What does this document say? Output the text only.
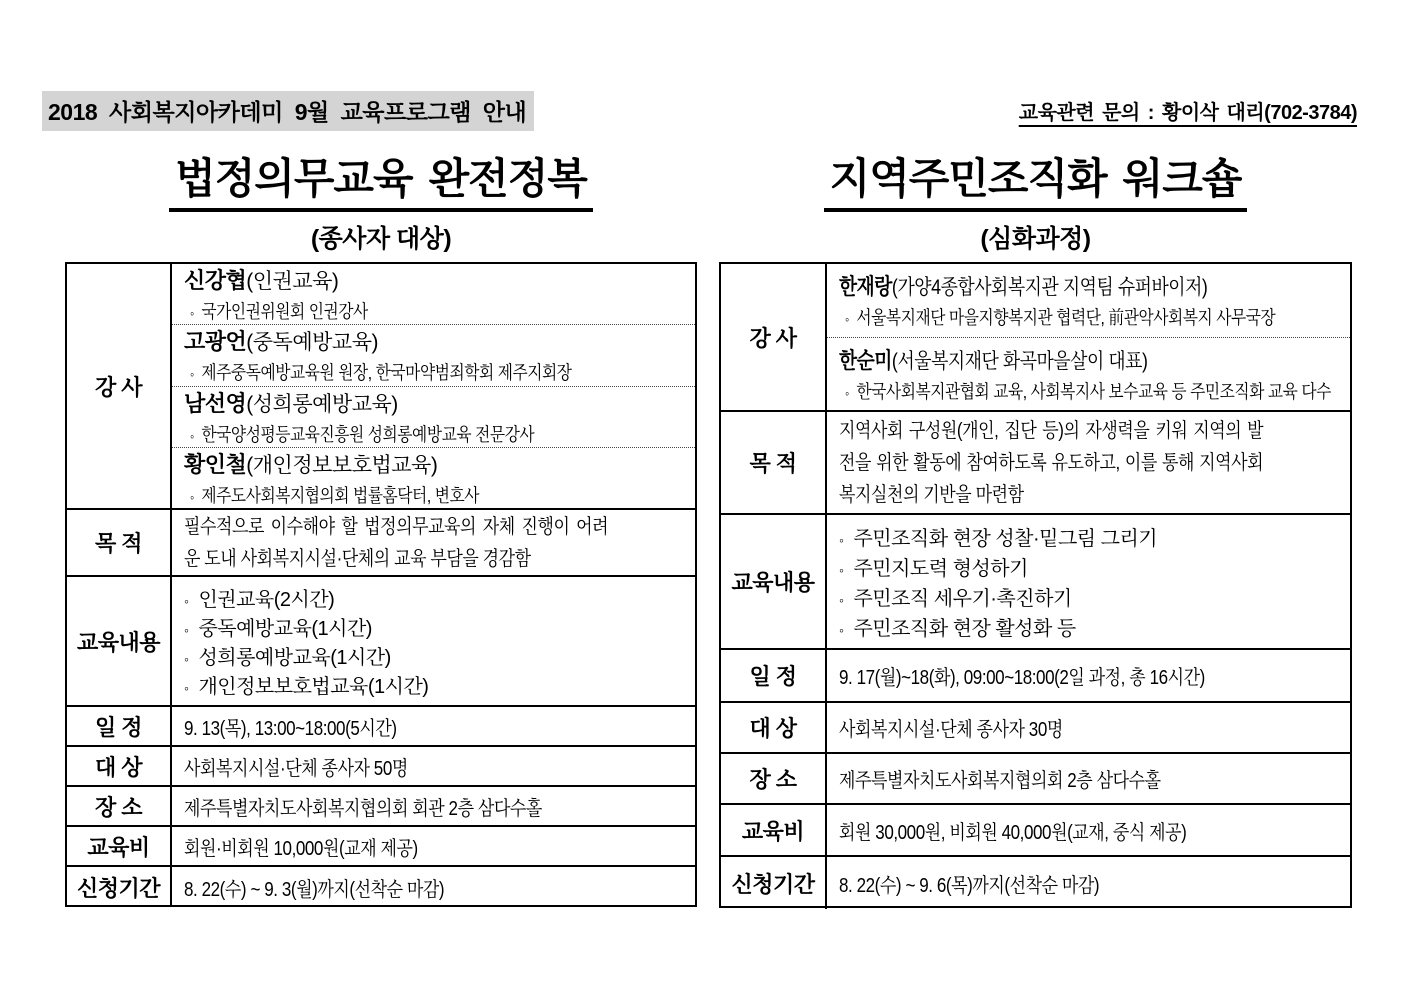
2018 사회복지아카데미 9월 교육프로그램 안내	교육관련 문의 : 황이삭 대리(702-3784)
법정의무교육 완전정복
(종사자 대상)
지역주민조직화 워크숍
(심화과정)
강 사
신강협(인권교육)
◦ 국가인권위원회 인권강사
고광언(중독예방교육)
◦ 제주중독예방교육원 원장, 한국마약범죄학회 제주지회장
남선영(성희롱예방교육)
◦ 한국양성평등교육진흥원 성희롱예방교육 전문강사
황인철(개인정보보호법교육)
◦ 제주도사회복지협의회 법률홈닥터, 변호사
목 적
필수적으로 이수해야 할 법정의무교육의 자체 진행이 어려운 도내 사회복지시설·단체의 교육 부담을 경감함
교육내용
◦ 인권교육(2시간)
◦ 중독예방교육(1시간)
◦ 성희롱예방교육(1시간)
◦ 개인정보보호법교육(1시간)
일 정	9. 13(목), 13:00~18:00(5시간)
대 상	사회복지시설·단체 종사자 50명
장 소	제주특별자치도사회복지협의회 회관 2층 삼다수홀
교육비	회원·비회원 10,000원(교재 제공)
신청기간	8. 22(수) ~ 9. 3(월)까지(선착순 마감)
강 사
한재랑(가양4종합사회복지관 지역팀 슈퍼바이저)
◦ 서울복지재단 마을지향복지관 협력단, 前관악사회복지 사무국장
한순미(서울복지재단 화곡마을살이 대표)
◦ 한국사회복지관협회 교육, 사회복지사 보수교육 등 주민조직화 교육 다수
목 적
지역사회 구성원(개인, 집단 등)의 자생력을 키워 지역의 발전을 위한 활동에 참여하도록 유도하고, 이를 통해 지역사회복지실천의 기반을 마련함
교육내용
◦ 주민조직화 현장 성찰·밑그림 그리기
◦ 주민지도력 형성하기
◦ 주민조직 세우기·촉진하기
◦ 주민조직화 현장 활성화 등
일 정	9. 17(월)~18(화), 09:00~18:00(2일 과정, 총 16시간)
대 상	사회복지시설·단체 종사자 30명
장 소	제주특별자치도사회복지협의회 2층 삼다수홀
교육비	회원 30,000원, 비회원 40,000원(교재, 중식 제공)
신청기간	8. 22(수) ~ 9. 6(목)까지(선착순 마감)
